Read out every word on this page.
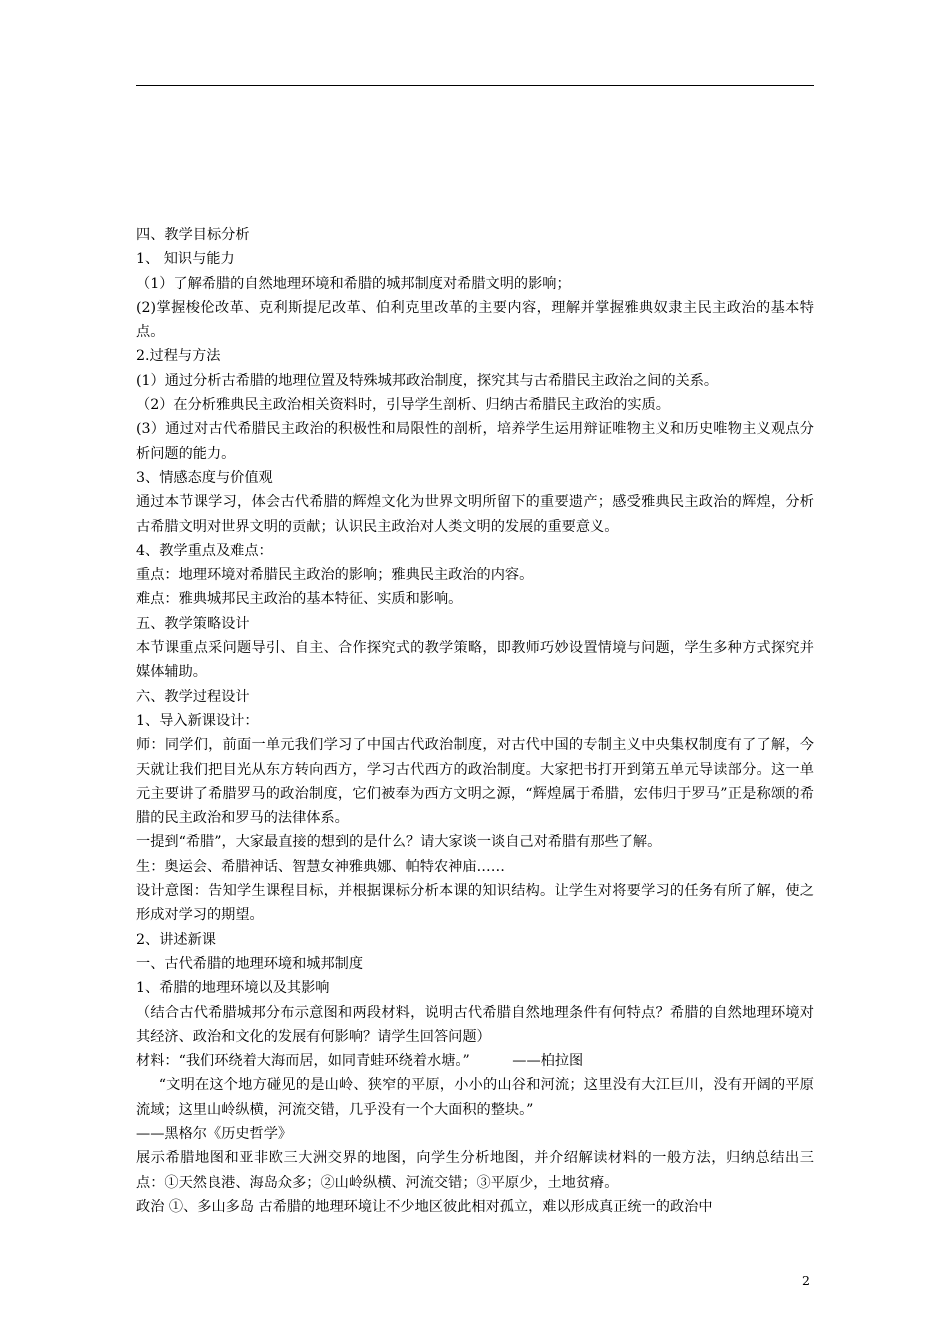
四、教学目标分析

1、 知识与能力

（1）了解希腊的自然地理环境和希腊的城邦制度对希腊文明的影响；

(2)掌握梭伦改革、克利斯提尼改革、伯利克里改革的主要内容，理解并掌握雅典奴隶主民主政治的基本特点。

2.过程与方法

(1）通过分析古希腊的地理位置及特殊城邦政治制度，探究其与古希腊民主政治之间的关系。

（2）在分析雅典民主政治相关资料时，引导学生剖析、归纳古希腊民主政治的实质。

(3）通过对古代希腊民主政治的积极性和局限性的剖析，培养学生运用辩证唯物主义和历史唯物主义观点分析问题的能力。

3、情感态度与价值观

通过本节课学习，体会古代希腊的辉煌文化为世界文明所留下的重要遗产；感受雅典民主政治的辉煌，分析古希腊文明对世界文明的贡献；认识民主政治对人类文明的发展的重要意义。

4、教学重点及难点：

重点：地理环境对希腊民主政治的影响；雅典民主政治的内容。

难点：雅典城邦民主政治的基本特征、实质和影响。

五、教学策略设计

本节课重点采问题导引、自主、合作探究式的教学策略，即教师巧妙设置情境与问题，学生多种方式探究并媒体辅助。

六、教学过程设计

1、导入新课设计：

师：同学们，前面一单元我们学习了中国古代政治制度，对古代中国的专制主义中央集权制度有了了解，今天就让我们把目光从东方转向西方，学习古代西方的政治制度。大家把书打开到第五单元导读部分。这一单元主要讲了希腊罗马的政治制度，它们被奉为西方文明之源，“辉煌属于希腊，宏伟归于罗马”正是称颂的希腊的民主政治和罗马的法律体系。

一提到“希腊”，大家最直接的想到的是什么？请大家谈一谈自己对希腊有那些了解。

生：奥运会、希腊神话、智慧女神雅典娜、帕特农神庙……

设计意图：告知学生课程目标，并根据课标分析本课的知识结构。让学生对将要学习的任务有所了解，使之形成对学习的期望。

2、讲述新课

一、古代希腊的地理环境和城邦制度

1、希腊的地理环境以及其影响

（结合古代希腊城邦分布示意图和两段材料，说明古代希腊自然地理条件有何特点？希腊的自然地理环境对其经济、政治和文化的发展有何影响？请学生回答问题）

材料：“我们环绕着大海而居，如同青蛙环绕着水塘。”　　　——柏拉图

“文明在这个地方碰见的是山岭、狭窄的平原，小小的山谷和河流；这里没有大江巨川，没有开阔的平原流域；这里山岭纵横，河流交错，几乎没有一个大面积的整块。”

——黑格尔《历史哲学》

展示希腊地图和亚非欧三大洲交界的地图，向学生分析地图，并介绍解读材料的一般方法，归纳总结出三点：①天然良港、海岛众多；②山岭纵横、河流交错；③平原少，土地贫瘠。

政治 ①、多山多岛 古希腊的地理环境让不少地区彼此相对孤立，难以形成真正统一的政治中

2
